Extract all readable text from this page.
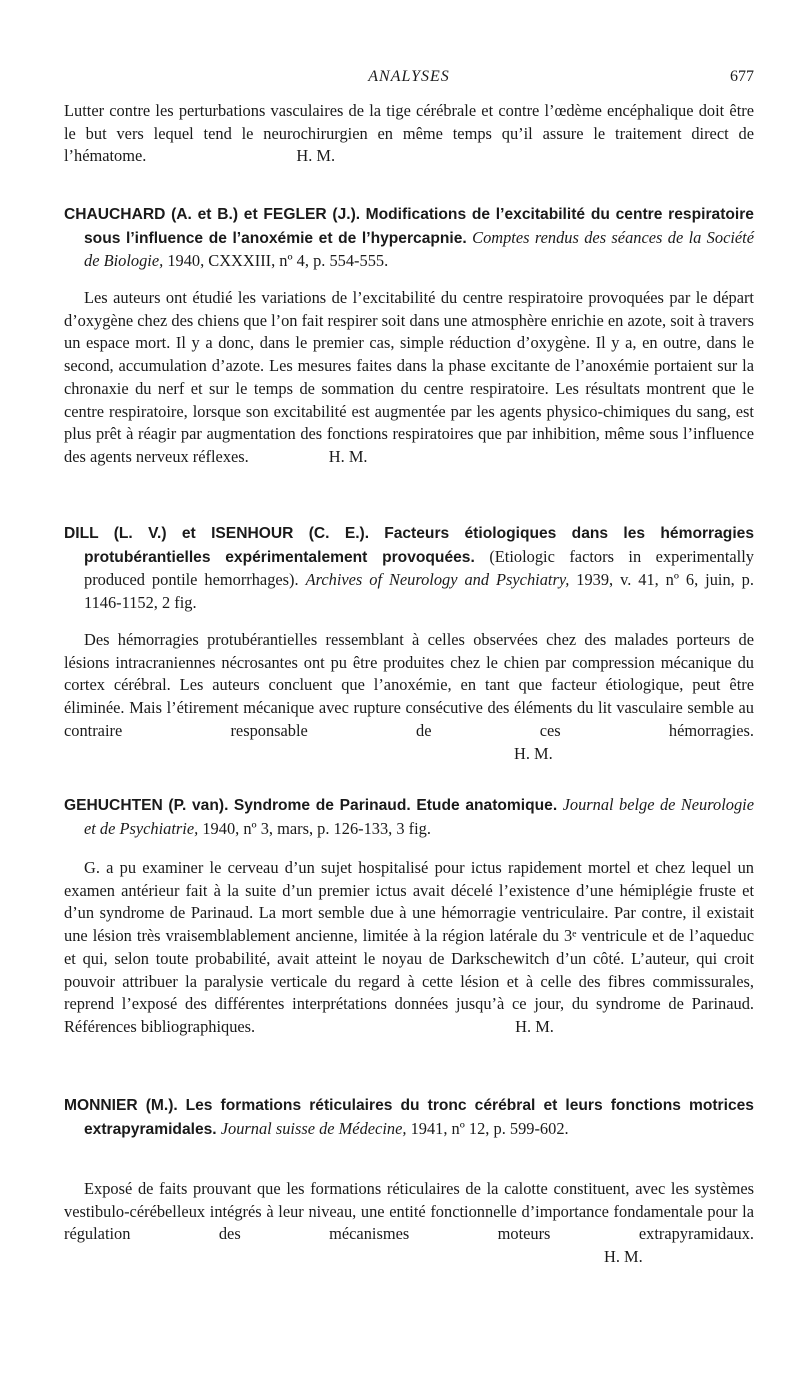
ANALYSES	677

Lutter contre les perturbations vasculaires de la tige cérébrale et contre l’œdème encéphalique doit être le but vers lequel tend le neurochirurgien en même temps qu’il assure le traitement direct de l’hématome.	H. M.

CHAUCHARD (A. et B.) et FEGLER (J.). Modifications de l’excitabilité du centre respiratoire sous l’influence de l’anoxémie et de l’hypercapnie. Comptes rendus des séances de la Société de Biologie, 1940, CXXXIII, nº 4, p. 554-555.

Les auteurs ont étudié les variations de l’excitabilité du centre respiratoire provoquées par le départ d’oxygène chez des chiens que l’on fait respirer soit dans une atmosphère enrichie en azote, soit à travers un espace mort. Il y a donc, dans le premier cas, simple réduction d’oxygène. Il y a, en outre, dans le second, accumulation d’azote. Les mesures faites dans la phase excitante de l’anoxémie portaient sur la chronaxie du nerf et sur le temps de sommation du centre respiratoire. Les résultats montrent que le centre respiratoire, lorsque son excitabilité est augmentée par les agents physico-chimiques du sang, est plus prêt à réagir par augmentation des fonctions respiratoires que par inhibition, même sous l’influence des agents nerveux réflexes.	H. M.

DILL (L. V.) et ISENHOUR (C. E.). Facteurs étiologiques dans les hémorragies protubérantielles expérimentalement provoquées. (Etiologic factors in experimentally produced pontile hemorrhages). Archives of Neurology and Psychiatry, 1939, v. 41, nº 6, juin, p. 1146-1152, 2 fig.

Des hémorragies protubérantielles ressemblant à celles observées chez des malades porteurs de lésions intracraniennes nécrosantes ont pu être produites chez le chien par compression mécanique du cortex cérébral. Les auteurs concluent que l’anoxémie, en tant que facteur étiologique, peut être éliminée. Mais l’étirement mécanique avec rupture consécutive des éléments du lit vasculaire semble au contraire responsable de ces hémorragies.H. M.

GEHUCHTEN (P. van). Syndrome de Parinaud. Etude anatomique. Journal belge de Neurologie et de Psychiatrie, 1940, nº 3, mars, p. 126-133, 3 fig.

G. a pu examiner le cerveau d’un sujet hospitalisé pour ictus rapidement mortel et chez lequel un examen antérieur fait à la suite d’un premier ictus avait décelé l’existence d’une hémiplégie fruste et d’un syndrome de Parinaud. La mort semble due à une hémorragie ventriculaire. Par contre, il existait une lésion très vraisemblablement ancienne, limitée à la région latérale du 3ᵉ ventricule et de l’aqueduc et qui, selon toute probabilité, avait atteint le noyau de Darkschewitch d’un côté. L’auteur, qui croit pouvoir attribuer la paralysie verticale du regard à cette lésion et à celle des fibres commissurales, reprend l’exposé des différentes interprétations données jusqu’à ce jour, du syndrome de Parinaud. Références bibliographiques.	H. M.

MONNIER (M.). Les formations réticulaires du tronc cérébral et leurs fonctions motrices extrapyramidales. Journal suisse de Médecine, 1941, nº 12, p. 599-602.

Exposé de faits prouvant que les formations réticulaires de la calotte constituent, avec les systèmes vestibulo-cérébelleux intégrés à leur niveau, une entité fonctionnelle d’importance fondamentale pour la régulation des mécanismes moteurs extrapyramidaux.H. M.
